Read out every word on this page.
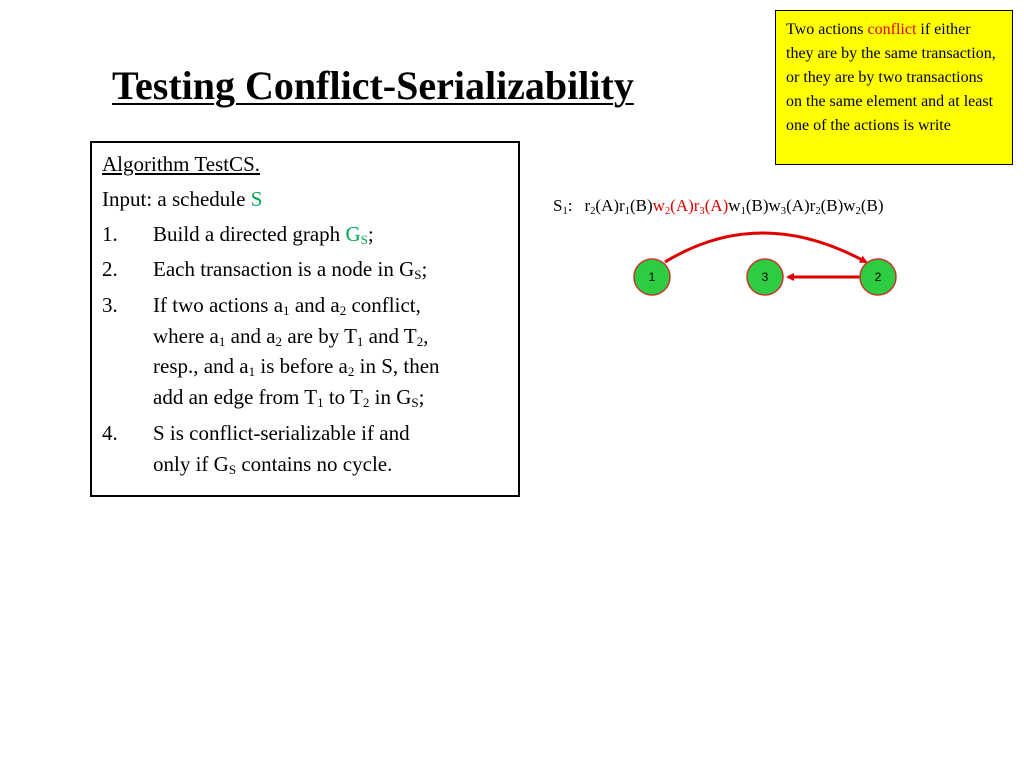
Testing Conflict-Serializability
Two actions conflict if either they are by the same transaction, or they are by two transactions on the same element and at least one of the actions is write
Algorithm TestCS.
Input: a schedule S
1.	Build a directed graph $G_S$;
2.	Each transaction is a node in $G_S$;
3.	If two actions $a_1$ and $a_2$ conflict,
where $a_1$ and $a_2$ are by $T_1$ and $T_2$,
resp., and $a_1$ is before $a_2$ in S, then
add an edge from $T_1$ to $T_2$ in $G_S$;
4.	S is conflict-serializable if and
only if $G_S$ contains no cycle.
$S_1$: $r_2(A)r_1(B)w_2(A)r_3(A)w_1(B)w_3(A)r_2(B)w_2(B)$
1	3	2
